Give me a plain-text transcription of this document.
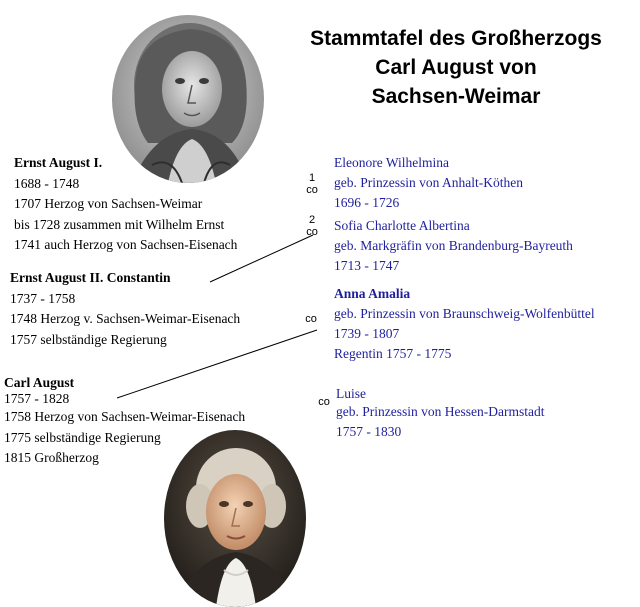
Stammtafel des Großherzogs
Carl August von
Sachsen-Weimar
Ernst August I.
1688 - 1748
1707 Herzog von Sachsen-Weimar
bis 1728 zusammen mit Wilhelm Ernst
1741 auch Herzog von Sachsen-Eisenach
Ernst August II. Constantin
1737 - 1758
1748 Herzog v. Sachsen-Weimar-Eisenach
1757 selbständige Regierung
Carl August
1757 - 1828
1758 Herzog von Sachsen-Weimar-Eisenach
1775 selbständige Regierung
1815 Großherzog
1
co
2
co
co
co
Eleonore Wilhelmina
geb. Prinzessin von Anhalt-Köthen
1696 - 1726
Sofia Charlotte Albertina
geb. Markgräfin von Brandenburg-Bayreuth
1713 - 1747
Anna Amalia
geb. Prinzessin von Braunschweig-Wolfenbüttel
1739 - 1807
Regentin 1757 - 1775
Luise
geb. Prinzessin von Hessen-Darmstadt
1757 - 1830
